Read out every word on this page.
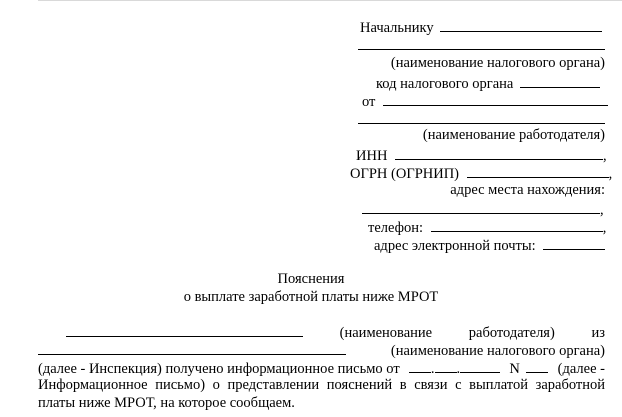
Начальнику
(наименование налогового органа)
код налогового органа
от
(наименование работодателя)
ИНН	,
ОГРН (ОГРНИП)	,
адрес места нахождения:
,
телефон:	,
адрес электронной почты:
Пояснения
о выплате заработной платы ниже МРОТ
(наименование	работодателя)	из
(наименование налогового органа)
(далее - Инспекция) получено информационное письмо от	. .	N	(далее -
Информационное письмо) о представлении пояснений в связи с выплатой заработной
платы ниже МРОТ, на которое сообщаем.
